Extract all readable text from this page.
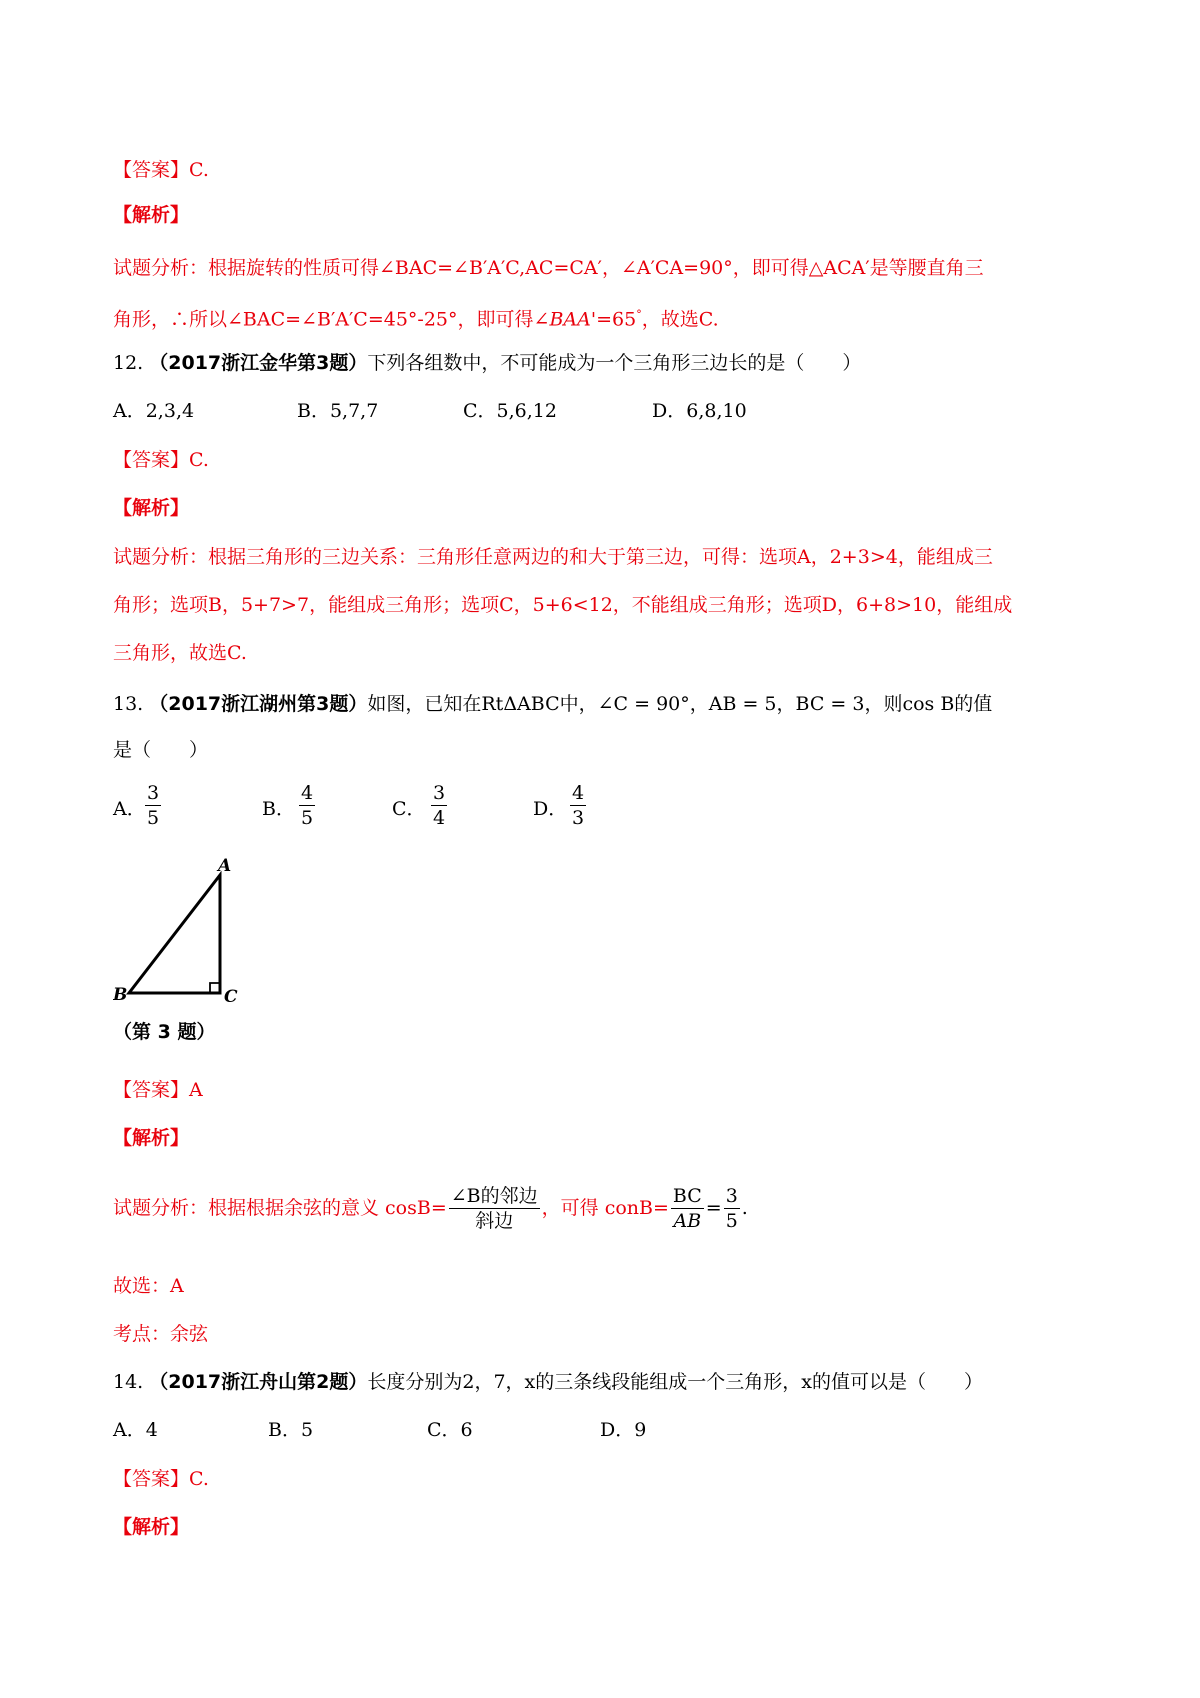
【答案】C.
【解析】
试题分析：根据旋转的性质可得∠BAC=∠B′A′C,AC=CA′，∠A′CA=90°，即可得△ACA′是等腰直角三
角形，∴所以∠BAC=∠B′A′C=45°-25°，即可得∠BAA'=65°，故选C.
12. （2017浙江金华第3题）下列各组数中，不可能成为一个三角形三边长的是（　　）
A．2,3,4	B．5,7,7	C．5,6,12	D．6,8,10
【答案】C.
【解析】
试题分析：根据三角形的三边关系：三角形任意两边的和大于第三边，可得：选项A，2+3>4，能组成三
角形；选项B，5+7>7，能组成三角形；选项C，5+6<12，不能组成三角形；选项D，6+8>10，能组成
三角形，故选C.
13. （2017浙江湖州第3题）如图，已知在RtΔABC中，∠C = 90°，AB = 5，BC = 3，则cos B的值
是（　　）
A． $\frac{3}{5}$	B． $\frac{4}{5}$	C． $\frac{3}{4}$	D． $\frac{4}{3}$
A
B	C
（第 3 题）
【答案】A
【解析】
试题分析：根据根据余弦的意义 $\cos B= \frac{\text{∠B的邻边}}{\text{斜边}}$ ，可得 conB= $\frac{BC}{AB} = \frac{3}{5}$ .
故选：A
考点：余弦
14. （2017浙江舟山第2题）长度分别为2，7，x的三条线段能组成一个三角形，x的值可以是（　　）
A．4	B．5	C．6	D．9
【答案】C.
【解析】
